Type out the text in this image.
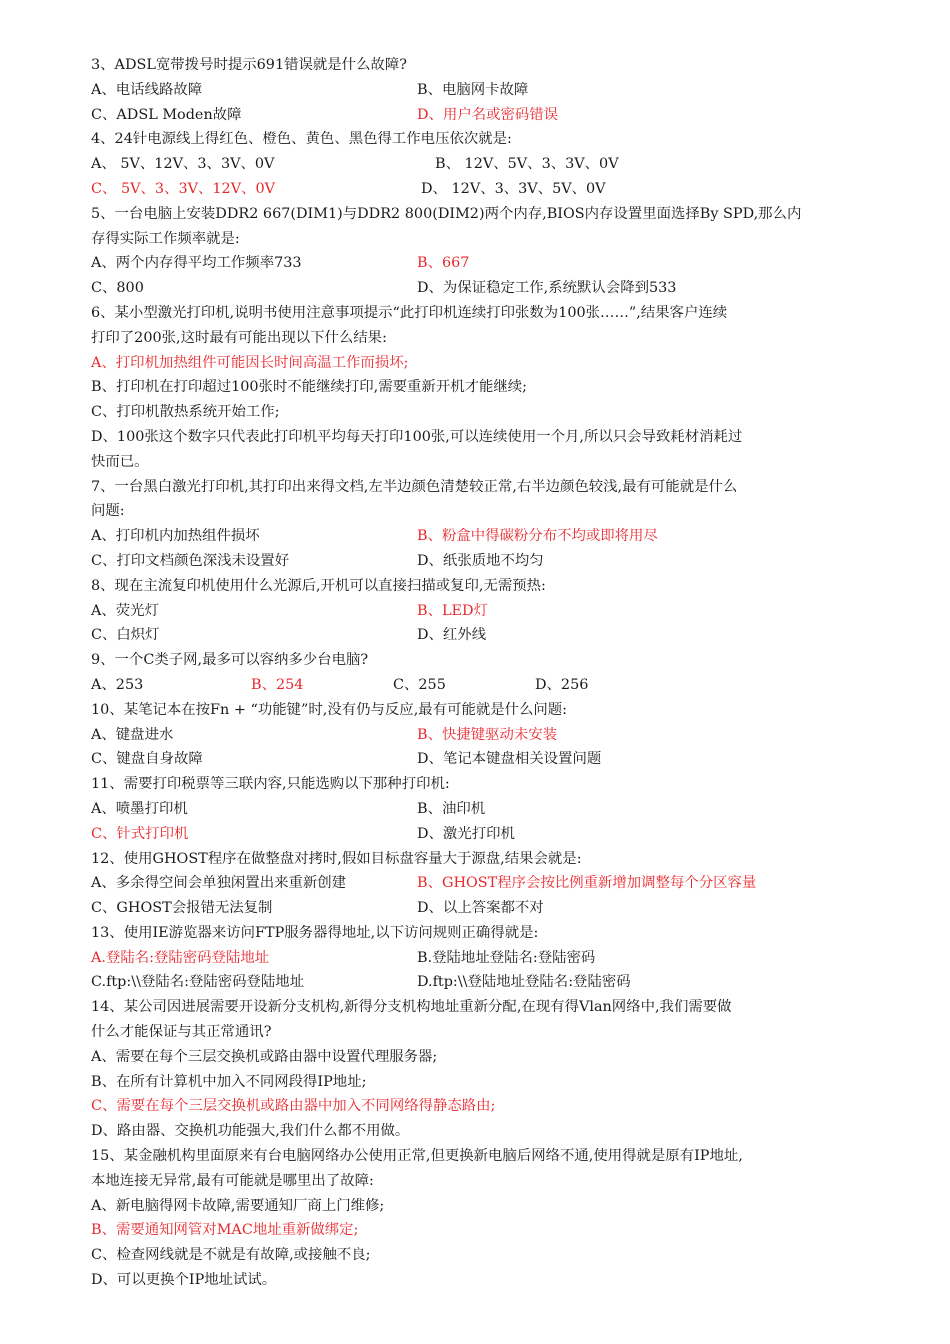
3、ADSL宽带拨号时提示691错误就是什么故障?
A、电话线路故障	B、电脑网卡故障
C、ADSL Moden故障	D、用户名或密码错误
4、24针电源线上得红色、橙色、黄色、黑色得工作电压依次就是:
A、 5V、12V、3、3V、0V	B、 12V、5V、3、3V、0V
C、 5V、3、3V、12V、0V	D、 12V、3、3V、5V、0V
5、一台电脑上安装DDR2 667(DIM1)与DDR2 800(DIM2)两个内存,BIOS内存设置里面选择By SPD,那么内
存得实际工作频率就是:
A、两个内存得平均工作频率733	B、667
C、800	D、为保证稳定工作,系统默认会降到533
6、某小型激光打印机,说明书使用注意事项提示“此打印机连续打印张数为100张……”,结果客户连续
打印了200张,这时最有可能出现以下什么结果:
A、打印机加热组件可能因长时间高温工作而损坏;
B、打印机在打印超过100张时不能继续打印,需要重新开机才能继续;
C、打印机散热系统开始工作;
D、100张这个数字只代表此打印机平均每天打印100张,可以连续使用一个月,所以只会导致耗材消耗过
快而已。
7、一台黑白激光打印机,其打印出来得文档,左半边颜色清楚较正常,右半边颜色较浅,最有可能就是什么
问题:
A、打印机内加热组件损坏	B、粉盒中得碳粉分布不均或即将用尽
C、打印文档颜色深浅未设置好	D、纸张质地不均匀
8、现在主流复印机使用什么光源后,开机可以直接扫描或复印,无需预热:
A、荧光灯	B、LED灯
C、白炽灯	D、红外线
9、一个C类子网,最多可以容纳多少台电脑?
A、253	B、254	C、255	D、256
10、某笔记本在按Fn + “功能键”时,没有仍与反应,最有可能就是什么问题:
A、键盘进水	B、快捷键驱动未安装
C、键盘自身故障	D、笔记本键盘相关设置问题
11、需要打印税票等三联内容,只能选购以下那种打印机:
A、喷墨打印机	B、油印机
C、针式打印机	D、激光打印机
12、使用GHOST程序在做整盘对拷时,假如目标盘容量大于源盘,结果会就是:
A、多余得空间会单独闲置出来重新创建	B、GHOST程序会按比例重新增加调整每个分区容量
C、GHOST会报错无法复制	D、以上答案都不对
13、使用IE游览器来访问FTP服务器得地址,以下访问规则正确得就是:
A.登陆名:登陆密码登陆地址	B.登陆地址登陆名:登陆密码
C.ftp:\\登陆名:登陆密码登陆地址	D.ftp:\\登陆地址登陆名:登陆密码
14、某公司因进展需要开设新分支机构,新得分支机构地址重新分配,在现有得Vlan网络中,我们需要做
什么才能保证与其正常通讯?
A、需要在每个三层交换机或路由器中设置代理服务器;
B、在所有计算机中加入不同网段得IP地址;
C、需要在每个三层交换机或路由器中加入不同网络得静态路由;
D、路由器、交换机功能强大,我们什么都不用做。
15、某金融机构里面原来有台电脑网络办公使用正常,但更换新电脑后网络不通,使用得就是原有IP地址,
本地连接无异常,最有可能就是哪里出了故障:
A、新电脑得网卡故障,需要通知厂商上门维修;
B、需要通知网管对MAC地址重新做绑定;
C、检查网线就是不就是有故障,或接触不良;
D、可以更换个IP地址试试。
